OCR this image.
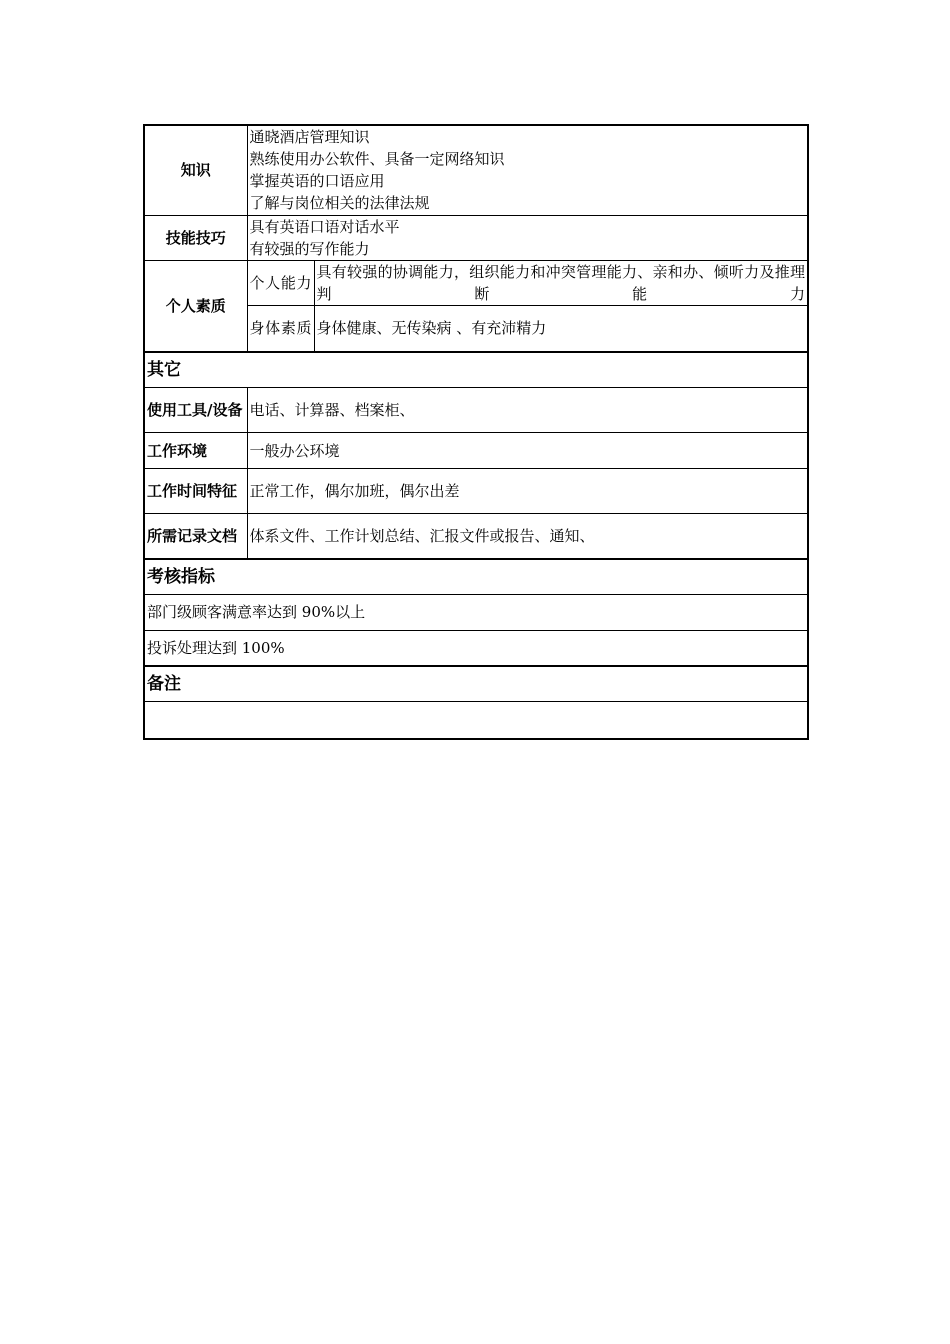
知识	通晓酒店管理知识
熟练使用办公软件、具备一定网络知识
掌握英语的口语应用
了解与岗位相关的法律法规	

技能技巧	具有英语口语对话水平
有较强的写作能力	

个人素质	个人能力	具有较强的协调能力，组织能力和冲突管理能力、亲和办、倾听力及推理判断能力
	身体素质	身体健康、无传染病 、有充沛精力
其它		
使用工具/设备	电话、计算器、档案柜、	
工作环境	一般办公环境	
工作时间特征	正常工作，偶尔加班，偶尔出差	
所需记录文档	体系文件、工作计划总结、汇报文件或报告、通知、	
考核指标		
部门级顾客满意率达到 90%以上		
投诉处理达到 100%		
备注		
